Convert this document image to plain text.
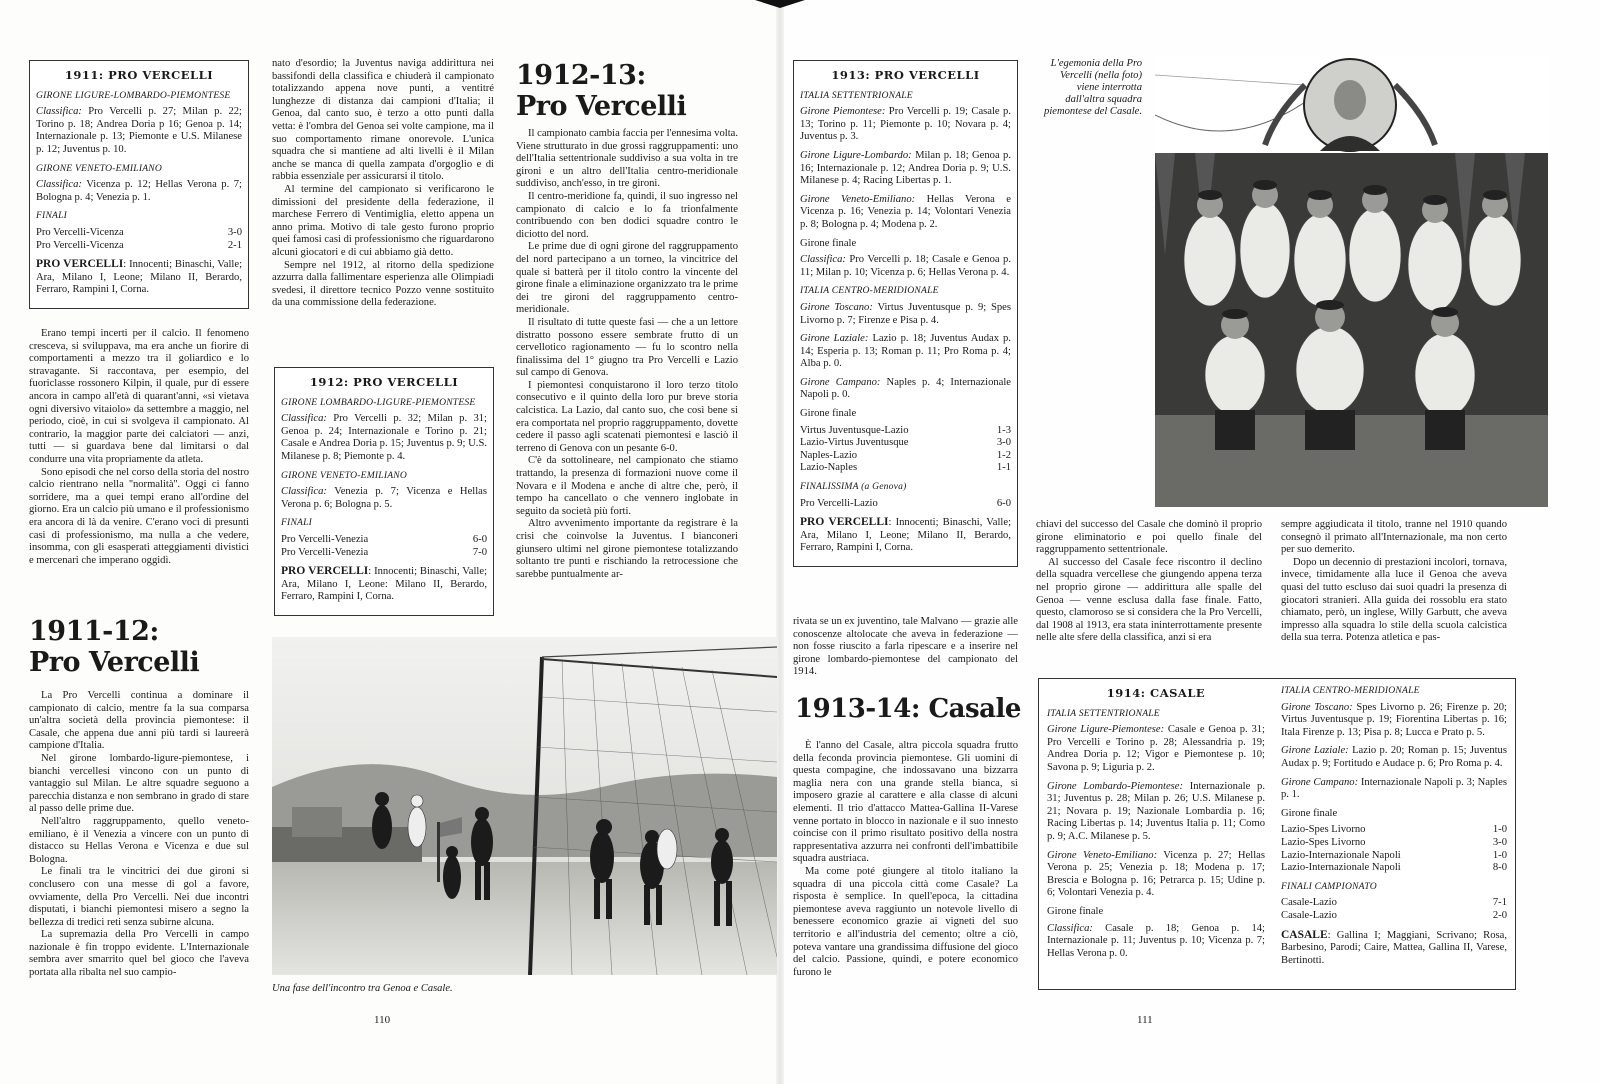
1911: PRO VERCELLI
GIRONE LIGURE-LOMBARDO-PIEMONTESE
Classifica: Pro Vercelli p. 27; Milan p. 22; Torino p. 18; Andrea Doria p 16; Genoa p. 14; Internazionale p. 13; Piemonte e U.S. Milanese p. 12; Juventus p. 10.
GIRONE VENETO-EMILIANO
Classifica: Vicenza p. 12; Hellas Verona p. 7; Bologna p. 4; Venezia p. 1.
FINALI
Pro Vercelli-Vicenza	3-0
Pro Vercelli-Vicenza	2-1
PRO VERCELLI: Innocenti; Binaschi, Valle; Ara, Milano I, Leone; Milano II, Berardo, Ferraro, Rampini I, Corna.

Erano tempi incerti per il calcio. Il fenomeno cresceva, si sviluppava, ma era anche un fiorire di comportamenti a mezzo tra il goliardico e lo stravagante. Si raccontava, per esempio, del fuoriclasse rossonero Kilpin, il quale, pur di essere ancora in campo all'età di quarant'anni, «si vietava ogni diversivo vitaiolo» da settembre a maggio, nel periodo, cioè, in cui si svolgeva il campionato. Al contrario, la maggior parte dei calciatori — anzi, tutti — si guardava bene dal limitarsi o dal condurre una vita propriamente da atleta.

Sono episodi che nel corso della storia del nostro calcio rientrano nella ''normalità''. Oggi ci fanno sorridere, ma a quei tempi erano all'ordine del giorno. Era un calcio più umano e il professionismo era ancora di là da venire. C'erano voci di presunti casi di professionismo, ma nulla a che vedere, insomma, con gli esasperati atteggiamenti divistici e mercenari che imperano oggidì.

1911-12:
Pro Vercelli

La Pro Vercelli continua a dominare il campionato di calcio, mentre fa la sua comparsa un'altra società della provincia piemontese: il Casale, che appena due anni più tardi si laureerà campione d'Italia.

Nel girone lombardo-ligure-piemontese, i bianchi vercellesi vincono con un punto di vantaggio sul Milan. Le altre squadre seguono a parecchia distanza e non sembrano in grado di stare al passo delle prime due.

Nell'altro raggruppamento, quello veneto-emiliano, è il Venezia a vincere con un punto di distacco su Hellas Verona e Vicenza e due sul Bologna.

Le finali tra le vincitrici dei due gironi si conclusero con una messe di gol a favore, ovviamente, della Pro Vercelli. Nei due incontri disputati, i bianchi piemontesi misero a segno la bellezza di tredici reti senza subirne alcuna.

La supremazia della Pro Vercelli in campo nazionale è fin troppo evidente. L'Internazionale sembra aver smarrito quel bel gioco che l'aveva portata alla ribalta nel suo campio-

nato d'esordio; la Juventus naviga addirittura nei bassifondi della classifica e chiuderà il campionato totalizzando appena nove punti, a ventitré lunghezze di distanza dai campioni d'Italia; il Genoa, dal canto suo, è terzo a otto punti dalla vetta: è l'ombra del Genoa sei volte campione, ma il suo comportamento rimane onorevole. L'unica squadra che si mantiene ad alti livelli è il Milan anche se manca di quella zampata d'orgoglio e di rabbia essenziale per assicurarsi il titolo.

Al termine del campionato si verificarono le dimissioni del presidente della federazione, il marchese Ferrero di Ventimiglia, eletto appena un anno prima. Motivo di tale gesto furono proprio quei famosi casi di professionismo che riguardarono alcuni giocatori e di cui abbiamo già detto.

Sempre nel 1912, al ritorno della spedizione azzurra dalla fallimentare esperienza alle Olimpiadi svedesi, il direttore tecnico Pozzo venne sostituito da una commissione della federazione.

1912: PRO VERCELLI
GIRONE LOMBARDO-LIGURE-PIEMONTESE
Classifica: Pro Vercelli p. 32; Milan p. 31; Genoa p. 24; Internazionale e Torino p. 21; Casale e Andrea Doria p. 15; Juventus p. 9; U.S. Milanese p. 8; Piemonte p. 4.
GIRONE VENETO-EMILIANO
Classifica: Venezia p. 7; Vicenza e Hellas Verona p. 6; Bologna p. 5.
FINALI
Pro Vercelli-Venezia	6-0
Pro Vercelli-Venezia	7-0
PRO VERCELLI: Innocenti; Binaschi, Valle; Ara, Milano I, Leone: Milano II, Berardo, Ferraro, Rampini I, Corna.
1912-13:
Pro Vercelli

Il campionato cambia faccia per l'ennesima volta. Viene strutturato in due grossi raggruppamenti: uno dell'Italia settentrionale suddiviso a sua volta in tre gironi e un altro dell'Italia centro-meridionale suddiviso, anch'esso, in tre gironi.

Il centro-meridione fa, quindi, il suo ingresso nel campionato di calcio e lo fa trionfalmente contribuendo con ben dodici squadre contro le diciotto del nord.

Le prime due di ogni girone del raggruppamento del nord partecipano a un torneo, la vincitrice del quale si batterà per il titolo contro la vincente del girone finale a eliminazione organizzato tra le prime dei tre gironi del raggruppamento centro-meridionale.

Il risultato di tutte queste fasi — che a un lettore distratto possono essere sembrate frutto di un cervellotico ragionamento — fu lo scontro nella finalissima del 1° giugno tra Pro Vercelli e Lazio sul campo di Genova.

I piemontesi conquistarono il loro terzo titolo consecutivo e il quinto della loro pur breve storia calcistica. La Lazio, dal canto suo, che così bene si era comportata nel proprio raggruppamento, dovette cedere il passo agli scatenati piemontesi e lasciò il terreno di Genova con un pesante 6-0.

C'è da sottolineare, nel campionato che stiamo trattando, la presenza di formazioni nuove come il Novara e il Modena e anche di altre che, però, il tempo ha cancellato o che vennero inglobate in seguito da società più forti.

Altro avvenimento importante da registrare è la crisi che coinvolse la Juventus. I bianconeri giunsero ultimi nel girone piemontese totalizzando soltanto tre punti e rischiando la retrocessione che sarebbe puntualmente ar-

Una fase dell'incontro tra Genoa e Casale.
110
1913: PRO VERCELLI
ITALIA SETTENTRIONALE
Girone Piemontese: Pro Vercelli p. 19; Casale p. 13; Torino p. 11; Piemonte p. 10; Novara p. 4; Juventus p. 3.
Girone Ligure-Lombardo: Milan p. 18; Genoa p. 16; Internazionale p. 12; Andrea Doria p. 9; U.S. Milanese p. 4; Racing Libertas p. 1.
Girone Veneto-Emiliano: Hellas Verona e Vicenza p. 16; Venezia p. 14; Volontari Venezia p. 8; Bologna p. 4; Modena p. 2.
Girone finale
Classifica: Pro Vercelli p. 18; Casale e Genoa p. 11; Milan p. 10; Vicenza p. 6; Hellas Verona p. 4.
ITALIA CENTRO-MERIDIONALE
Girone Toscano: Virtus Juventusque p. 9; Spes Livorno p. 7; Firenze e Pisa p. 4.
Girone Laziale: Lazio p. 18; Juventus Audax p. 14; Esperia p. 13; Roman p. 11; Pro Roma p. 4; Alba p. 0.
Girone Campano: Naples p. 4; Internazionale Napoli p. 0.
Girone finale
Virtus Juventusque-Lazio	1-3
Lazio-Virtus Juventusque	3-0
Naples-Lazio	1-2
Lazio-Naples	1-1
FINALISSIMA (a Genova)
Pro Vercelli-Lazio	6-0
PRO VERCELLI: Innocenti; Binaschi, Valle; Ara, Milano I, Leone; Milano II, Berardo, Ferraro, Rampini I, Corna.

rivata se un ex juventino, tale Malvano — grazie alle conoscenze altolocate che aveva in federazione — non fosse riuscito a farla ripescare e a inserire nel girone lombardo-piemontese del campionato del 1914.

1913-14: Casale

È l'anno del Casale, altra piccola squadra frutto della feconda provincia piemontese. Gli uomini di questa compagine, che indossavano una bizzarra maglia nera con una grande stella bianca, si imposero grazie al carattere e alla classe di alcuni elementi. Il trio d'attacco Mattea-Gallina II-Varese venne portato in blocco in nazionale e il suo innesto coincise con il primo risultato positivo della nostra rappresentativa azzurra nei confronti dell'imbattibile squadra austriaca.

Ma come poté giungere al titolo italiano la squadra di una piccola città come Casale? La risposta è semplice. In quell'epoca, la cittadina piemontese aveva raggiunto un notevole livello di benessere economico grazie ai vigneti del suo territorio e all'industria del cemento; oltre a ciò, poteva vantare una grandissima diffusione del gioco del calcio. Passione, quindi, e potere economico furono le

L'egemonia della Pro Vercelli (nella foto) viene interrotta dall'altra squadra piemontese del Casale.

chiavi del successo del Casale che dominò il proprio girone eliminatorio e poi quello finale del raggruppamento settentrionale.

Al successo del Casale fece riscontro il declino della squadra vercellese che giungendo appena terza nel proprio girone — addirittura alle spalle del Genoa — venne esclusa dalla fase finale. Fatto, questo, clamoroso se si considera che la Pro Vercelli, dal 1908 al 1913, era stata ininterrottamente presente nelle alte sfere della classifica, anzi si era

sempre aggiudicata il titolo, tranne nel 1910 quando consegnò il primato all'Internazionale, ma non certo per suo demerito.

Dopo un decennio di prestazioni incolori, tornava, invece, timidamente alla luce il Genoa che aveva quasi del tutto escluso dai suoi quadri la presenza di giocatori stranieri. Alla guida dei rossoblu era stato chiamato, però, un inglese, Willy Garbutt, che aveva impresso alla squadra lo stile della scuola calcistica della sua terra. Potenza atletica e pas-

1914: CASALE
ITALIA SETTENTRIONALE
Girone Ligure-Piemontese: Casale e Genoa p. 31; Pro Vercelli e Torino p. 28; Alessandria p. 19; Andrea Doria p. 12; Vigor e Piemontese p. 10; Savona p. 9; Liguria p. 2.
Girone Lombardo-Piemontese: Internazionale p. 31; Juventus p. 28; Milan p. 26; U.S. Milanese p. 21; Novara p. 19; Nazionale Lombardia p. 16; Racing Libertas p. 14; Juventus Italia p. 11; Como p. 9; A.C. Milanese p. 5.
Girone Veneto-Emiliano: Vicenza p. 27; Hellas Verona p. 25; Venezia p. 18; Modena p. 17; Brescia e Bologna p. 16; Petrarca p. 15; Udine p. 6; Volontari Venezia p. 4.
Girone finale
Classifica: Casale p. 18; Genoa p. 14; Internazionale p. 11; Juventus p. 10; Vicenza p. 7; Hellas Verona p. 0.
ITALIA CENTRO-MERIDIONALE
Girone Toscano: Spes Livorno p. 26; Firenze p. 20; Virtus Juventusque p. 19; Fiorentina Libertas p. 16; Itala Firenze p. 13; Pisa p. 8; Lucca e Prato p. 5.
Girone Laziale: Lazio p. 20; Roman p. 15; Juventus Audax p. 9; Fortitudo e Audace p. 6; Pro Roma p. 4.
Girone Campano: Internazionale Napoli p. 3; Naples p. 1.
Girone finale
Lazio-Spes Livorno	1-0
Lazio-Spes Livorno	3-0
Lazio-Internazionale Napoli	1-0
Lazio-Internazionale Napoli	8-0
FINALI CAMPIONATO
Casale-Lazio	7-1
Casale-Lazio	2-0
CASALE: Gallina I; Maggiani, Scrivano; Rosa, Barbesino, Parodi; Caire, Mattea, Gallina II, Varese, Bertinotti.
111
